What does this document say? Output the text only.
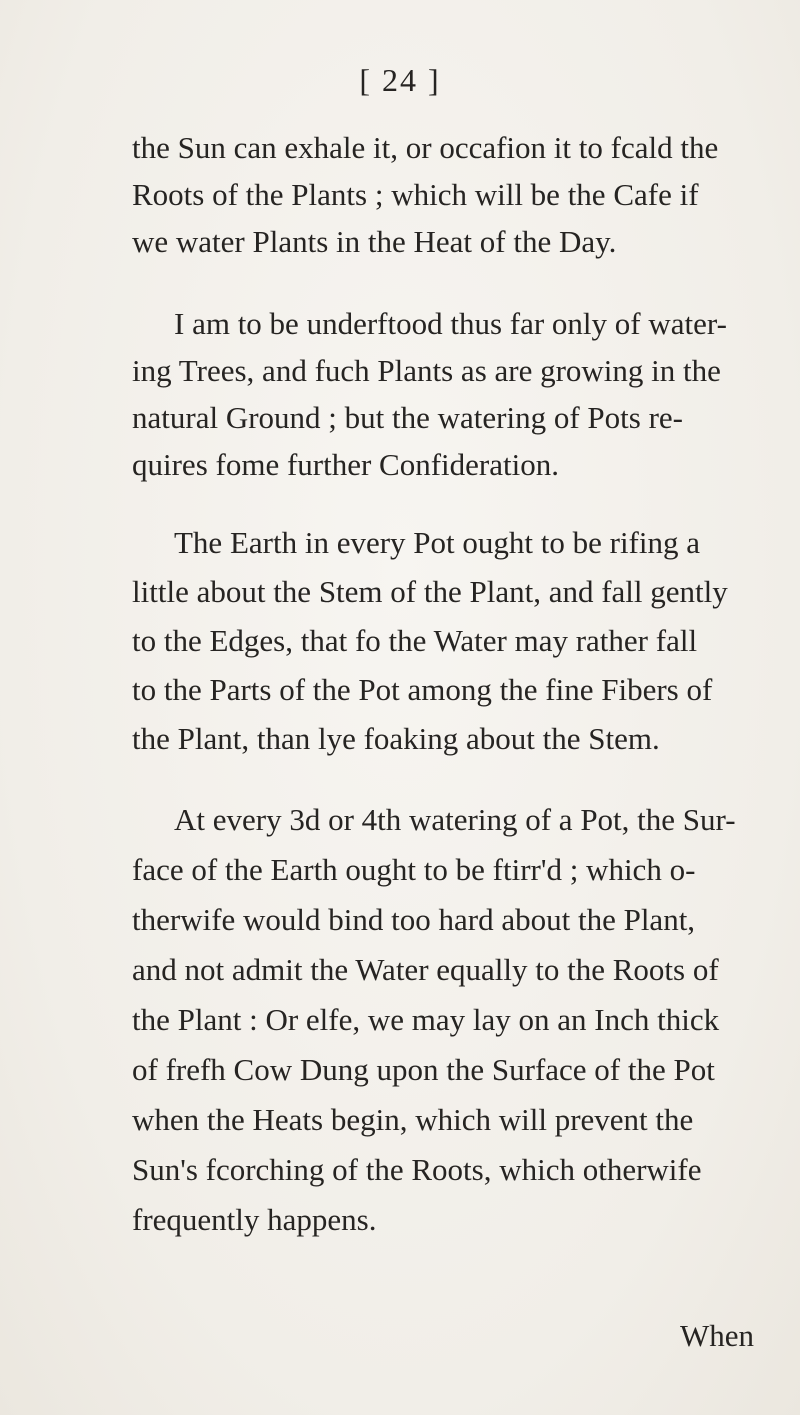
[ 24 ]
the Sun can exhale it, or occafion it to fcald the
Roots of the Plants ; which will be the Cafe if
we water Plants in the Heat of the Day.
I am to be underftood thus far only of water-
ing Trees, and fuch Plants as are growing in the
natural Ground ; but the watering of Pots re-
quires fome further Confideration.
The Earth in every Pot ought to be rifing a
little about the Stem of the Plant, and fall gently
to the Edges, that fo the Water may rather fall
to the Parts of the Pot among the fine Fibers of
the Plant, than lye foaking about the Stem.
At every 3d or 4th watering of a Pot, the Sur-
face of the Earth ought to be ftirr'd ; which o-
therwife would bind too hard about the Plant,
and not admit the Water equally to the Roots of
the Plant : Or elfe, we may lay on an Inch thick
of frefh Cow Dung upon the Surface of the Pot
when the Heats begin, which will prevent the
Sun's fcorching of the Roots, which otherwife
frequently happens.
When
